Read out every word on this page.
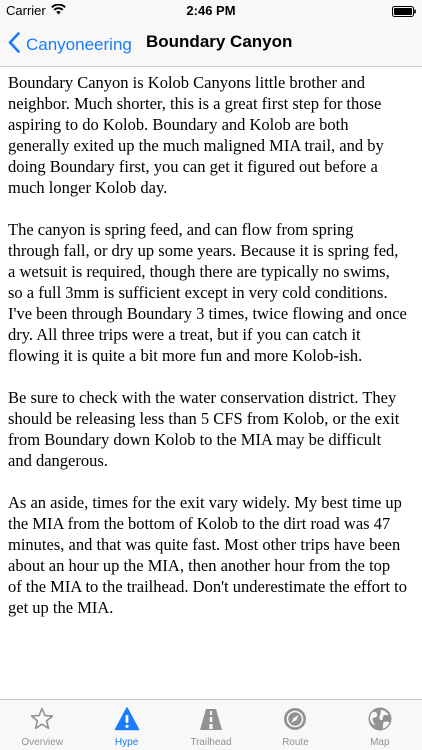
Carrier	2:46 PM
Canyoneering Boundary Canyon

Boundary Canyon is Kolob Canyons little brother and neighbor. Much shorter, this is a great first step for those aspiring to do Kolob. Boundary and Kolob are both generally exited up the much maligned MIA trail, and by doing Boundary first, you can get it figured out before a much longer Kolob day.

The canyon is spring feed, and can flow from spring through fall, or dry up some years. Because it is spring fed, a wetsuit is required, though there are typically no swims, so a full 3mm is sufficient except in very cold conditions. I've been through Boundary 3 times, twice flowing and once dry. All three trips were a treat, but if you can catch it flowing it is quite a bit more fun and more Kolob-ish.

Be sure to check with the water conservation district. They should be releasing less than 5 CFS from Kolob, or the exit from Boundary down Kolob to the MIA may be difficult and dangerous.

As an aside, times for the exit vary widely. My best time up the MIA from the bottom of Kolob to the dirt road was 47 minutes, and that was quite fast. Most other trips have been about an hour up the MIA, then another hour from the top of the MIA to the trailhead. Don't underestimate the effort to get up the MIA.

Overview	Hype	Trailhead	Route	Map
